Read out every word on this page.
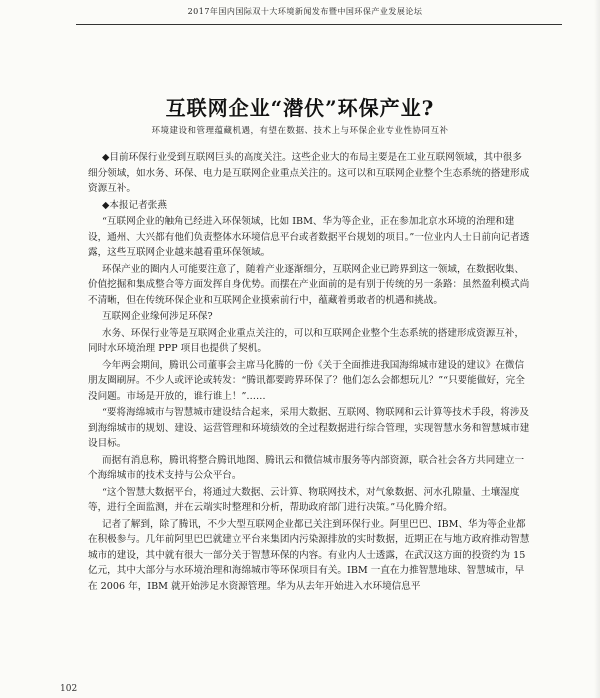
2017年国内国际双十大环境新闻发布暨中国环保产业发展论坛
互联网企业“潜伏”环保产业?
环境建设和管理蕴藏机遇，有望在数据、技术上与环保企业专业性协同互补

◆目前环保行业受到互联网巨头的高度关注。这些企业大的布局主要是在工业互联网领域，其中很多细分领域，如水务、环保、电力是互联网企业重点关注的。这可以和互联网企业整个生态系统的搭建形成资源互补。

◆本报记者张燕

“互联网企业的触角已经进入环保领域，比如 IBM、华为等企业，正在参加北京水环境的治理和建设，通州、大兴都有他们负责整体水环境信息平台或者数据平台规划的项目。”一位业内人士日前向记者透露，这些互联网企业越来越看重环保领域。

环保产业的圈内人可能要注意了，随着产业逐渐细分，互联网企业已跨界到这一领域，在数据收集、价值挖掘和集成整合等方面发挥自身优势。而摆在产业面前的是有别于传统的另一条路：虽然盈利模式尚不清晰，但在传统环保企业和互联网企业摸索前行中，蕴藏着勇敢者的机遇和挑战。

互联网企业缘何涉足环保?

水务、环保行业等是互联网企业重点关注的，可以和互联网企业整个生态系统的搭建形成资源互补，同时水环境治理 PPP 项目也提供了契机。

今年两会期间，腾讯公司董事会主席马化腾的一份《关于全面推进我国海绵城市建设的建议》在微信朋友圈刷屏。不少人或评论或转发：“腾讯都要跨界环保了？他们怎么会都想玩儿？”“只要能做好，完全没问题。市场是开放的，谁行谁上！”……

“要将海绵城市与智慧城市建设结合起来，采用大数据、互联网、物联网和云计算等技术手段，将涉及到海绵城市的规划、建设、运营管理和环境绩效的全过程数据进行综合管理，实现智慧水务和智慧城市建设目标。

而据有消息称，腾讯将整合腾讯地图、腾讯云和微信城市服务等内部资源，联合社会各方共同建立一个海绵城市的技术支持与公众平台。

“这个智慧大数据平台，将通过大数据、云计算、物联网技术，对气象数据、河水孔隙量、土壤湿度等，进行全面监测，并在云端实时整理和分析，帮助政府部门进行决策。”马化腾介绍。

记者了解到，除了腾讯，不少大型互联网企业都已关注到环保行业。阿里巴巴、IBM、华为等企业都在积极参与。几年前阿里巴巴就建立平台来集团内污染源排放的实时数据，近期正在与地方政府推动智慧城市的建设，其中就有很大一部分关于智慧环保的内容。有业内人士透露，在武汉这方面的投资约为 15 亿元，其中大部分与水环境治理和海绵城市等环保项目有关。IBM 一直在力推智慧地球、智慧城市，早在 2006 年，IBM 就开始涉足水资源管理。华为从去年开始进入水环境信息平

102
